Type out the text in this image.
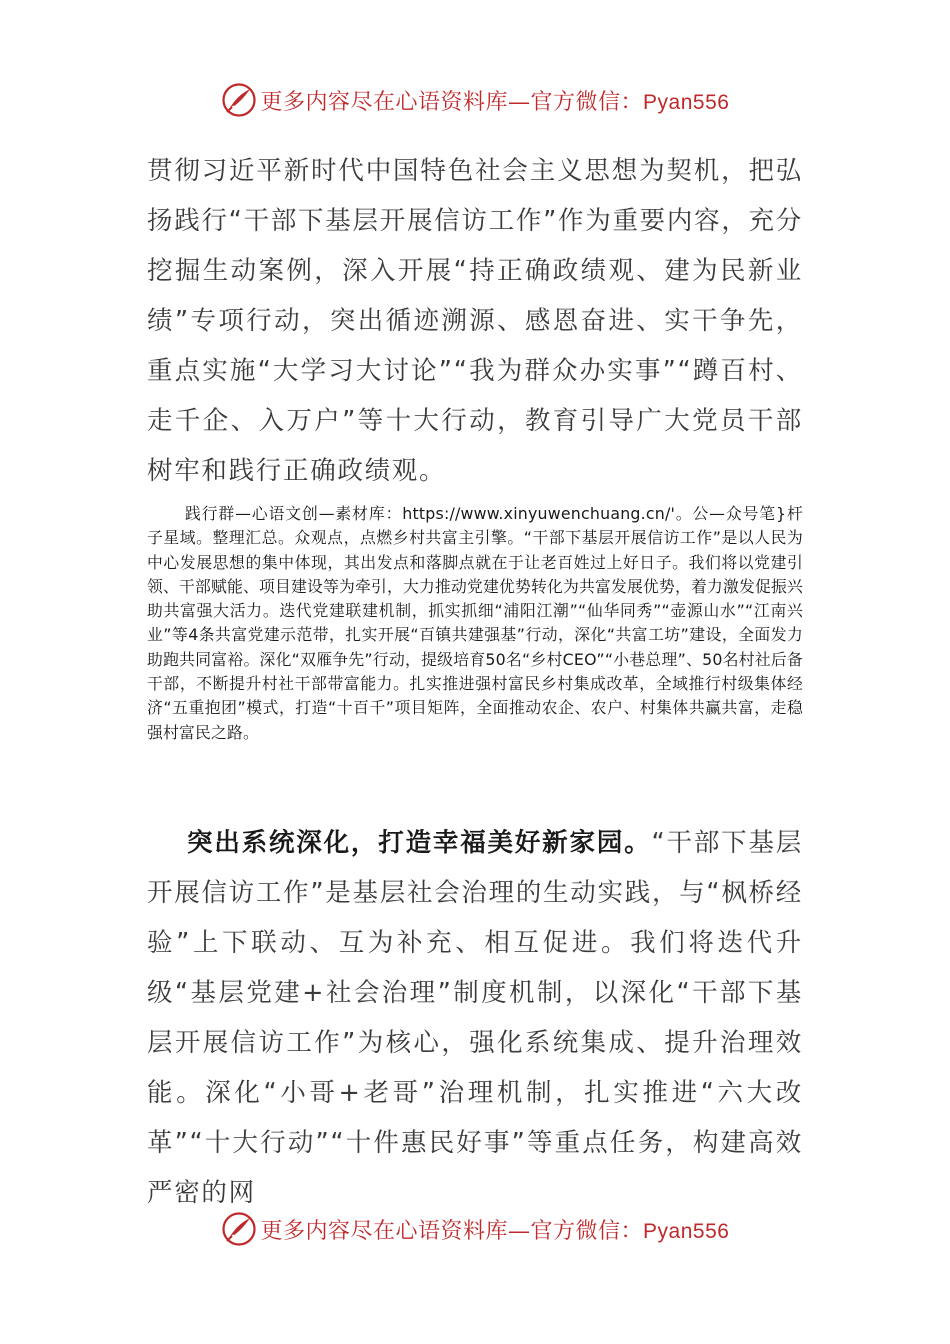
更多内容尽在心语资料库—官方微信：Pyan556

贯彻习近平新时代中国特色社会主义思想为契机，把弘扬践行“干部下基层开展信访工作”作为重要内容，充分挖掘生动案例，深入开展“持正确政绩观、建为民新业绩”专项行动，突出循迹溯源、感恩奋进、实干争先，重点实施“大学习大讨论”“我为群众办实事”“蹲百村、走千企、入万户”等十大行动，教育引导广大党员干部树牢和践行正确政绩观。

践行群—心语文创—素材库：https://www.xinyuwenchuang.cn/'。公—众号笔}杆子星域。整理汇总。众观点，点燃乡村共富主引擎。“干部下基层开展信访工作”是以人民为中心发展思想的集中体现，其出发点和落脚点就在于让老百姓过上好日子。我们将以党建引领、干部赋能、项目建设等为牵引，大力推动党建优势转化为共富发展优势，着力激发促振兴助共富强大活力。迭代党建联建机制，抓实抓细“浦阳江潮”“仙华同秀”“壶源山水”“江南兴业”等4条共富党建示范带，扎实开展“百镇共建强基”行动，深化“共富工坊”建设，全面发力助跑共同富裕。深化“双雁争先”行动，提级培育50名“乡村CEO”“小巷总理”、50名村社后备干部，不断提升村社干部带富能力。扎实推进强村富民乡村集成改革，全域推行村级集体经济“五重抱团”模式，打造“十百千”项目矩阵，全面推动农企、农户、村集体共赢共富，走稳强村富民之路。

突出系统深化，打造幸福美好新家园。“干部下基层开展信访工作”是基层社会治理的生动实践，与“枫桥经验”上下联动、互为补充、相互促进。我们将迭代升级“基层党建+社会治理”制度机制，以深化“干部下基层开展信访工作”为核心，强化系统集成、提升治理效能。深化“小哥+老哥”治理机制，扎实推进“六大改革”“十大行动”“十件惠民好事”等重点任务，构建高效严密的网

更多内容尽在心语资料库—官方微信：Pyan556
